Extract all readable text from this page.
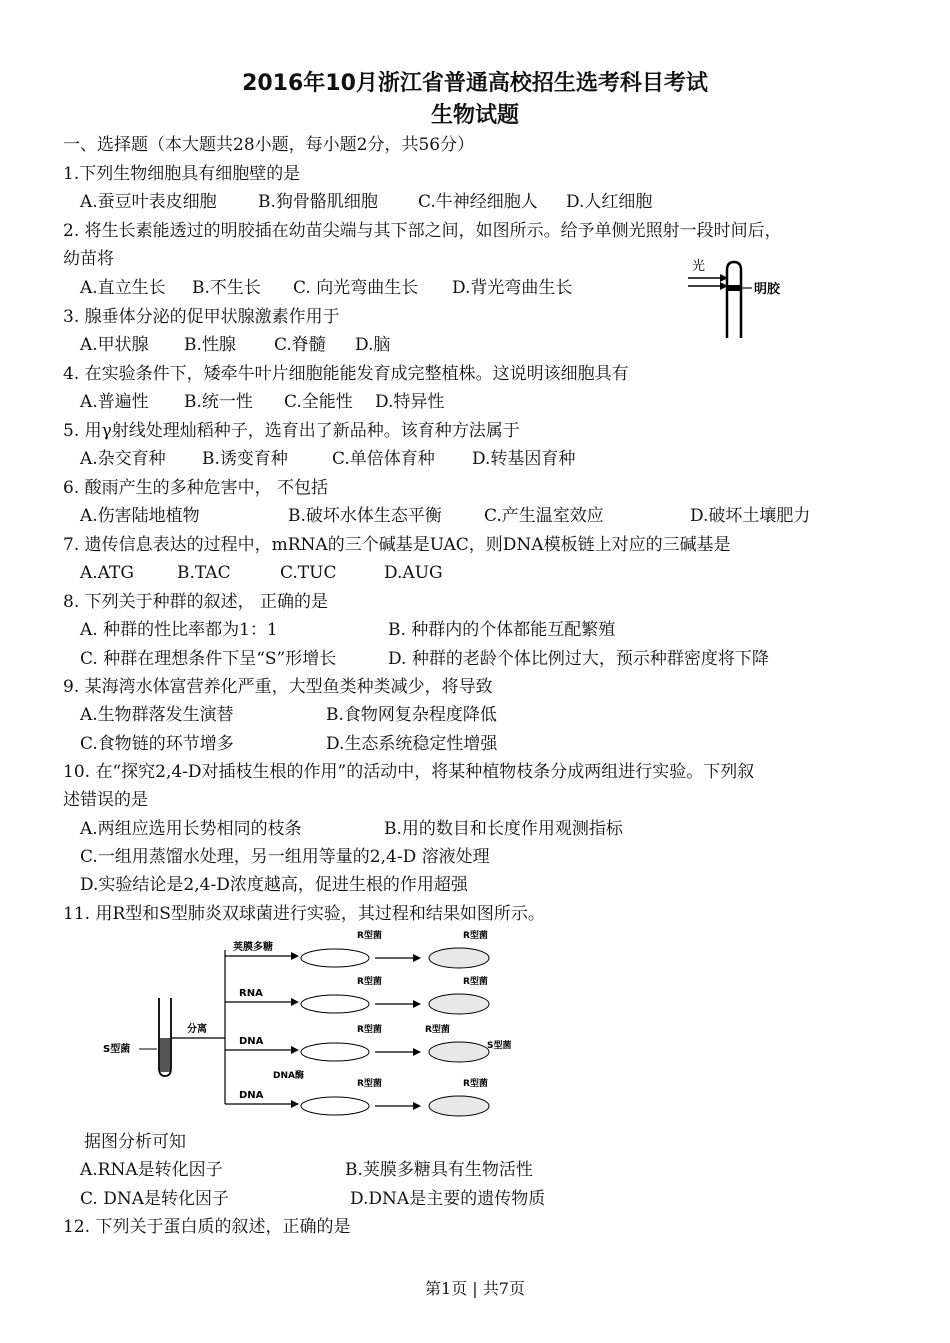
2016年10月浙江省普通高校招生选考科目考试
生物试题
一、选择题（本大题共28小题，每小题2分，共56分）
1.下列生物细胞具有细胞壁的是
A.蚕豆叶表皮细胞 B.狗骨骼肌细胞 C.牛神经细胞人 D.人红细胞
2. 将生长素能透过的明胶插在幼苗尖端与其下部之间，如图所示。给予单侧光照射一段时间后，
幼苗将
A.直立生长 B.不生长 C. 向光弯曲生长 D.背光弯曲生长
光
明胶
3. 腺垂体分泌的促甲状腺激素作用于
A.甲状腺 B.性腺 C.脊髓 D.脑
4. 在实验条件下，矮牵牛叶片细胞能能发育成完整植株。这说明该细胞具有
A.普遍性 B.统一性 C.全能性 D.特异性
5. 用γ射线处理灿稻种子，选育出了新品种。该育种方法属于
A.杂交育种 B.诱变育种	C.单倍体育种 D.转基因育种
6. 酸雨产生的多种危害中， 不包括
A.伤害陆地植物	B.破坏水体生态平衡 C.产生温室效应	D.破坏土壤肥力
7. 遗传信息表达的过程中，mRNA的三个碱基是UAC，则DNA模板链上对应的三碱基是
A.ATG	B.TAC	C.TUC	D.AUG
8. 下列关于种群的叙述， 正确的是
A. 种群的性比率都为1：1	B. 种群内的个体都能互配繁殖
C. 种群在理想条件下呈“S”形增长	D. 种群的老龄个体比例过大，预示种群密度将下降
9. 某海湾水体富营养化严重，大型鱼类种类减少，将导致
A.生物群落发生演替	B.食物网复杂程度降低
C.食物链的环节增多	D.生态系统稳定性增强
10. 在“探究2,4-D对插枝生根的作用”的活动中，将某种植物枝条分成两组进行实验。下列叙
述错误的是
A.两组应选用长势相同的枝条	B.用的数目和长度作用观测指标
C.一组用蒸馏水处理，另一组用等量的2,4-D 溶液处理
D.实验结论是2,4-D浓度越高，促进生根的作用超强
11. 用R型和S型肺炎双球菌进行实验，其过程和结果如图所示。
S型菌
分离
荚膜多糖
R型菌	R型菌
RNA
R型菌	R型菌
DNA
R型菌	R型菌
S型菌
DNA
DNA酶
R型菌	R型菌
据图分析可知
A.RNA是转化因子	B.荚膜多糖具有生物活性
C. DNA是转化因子	D.DNA是主要的遗传物质
12. 下列关于蛋白质的叙述，正确的是
第1页 | 共7页
